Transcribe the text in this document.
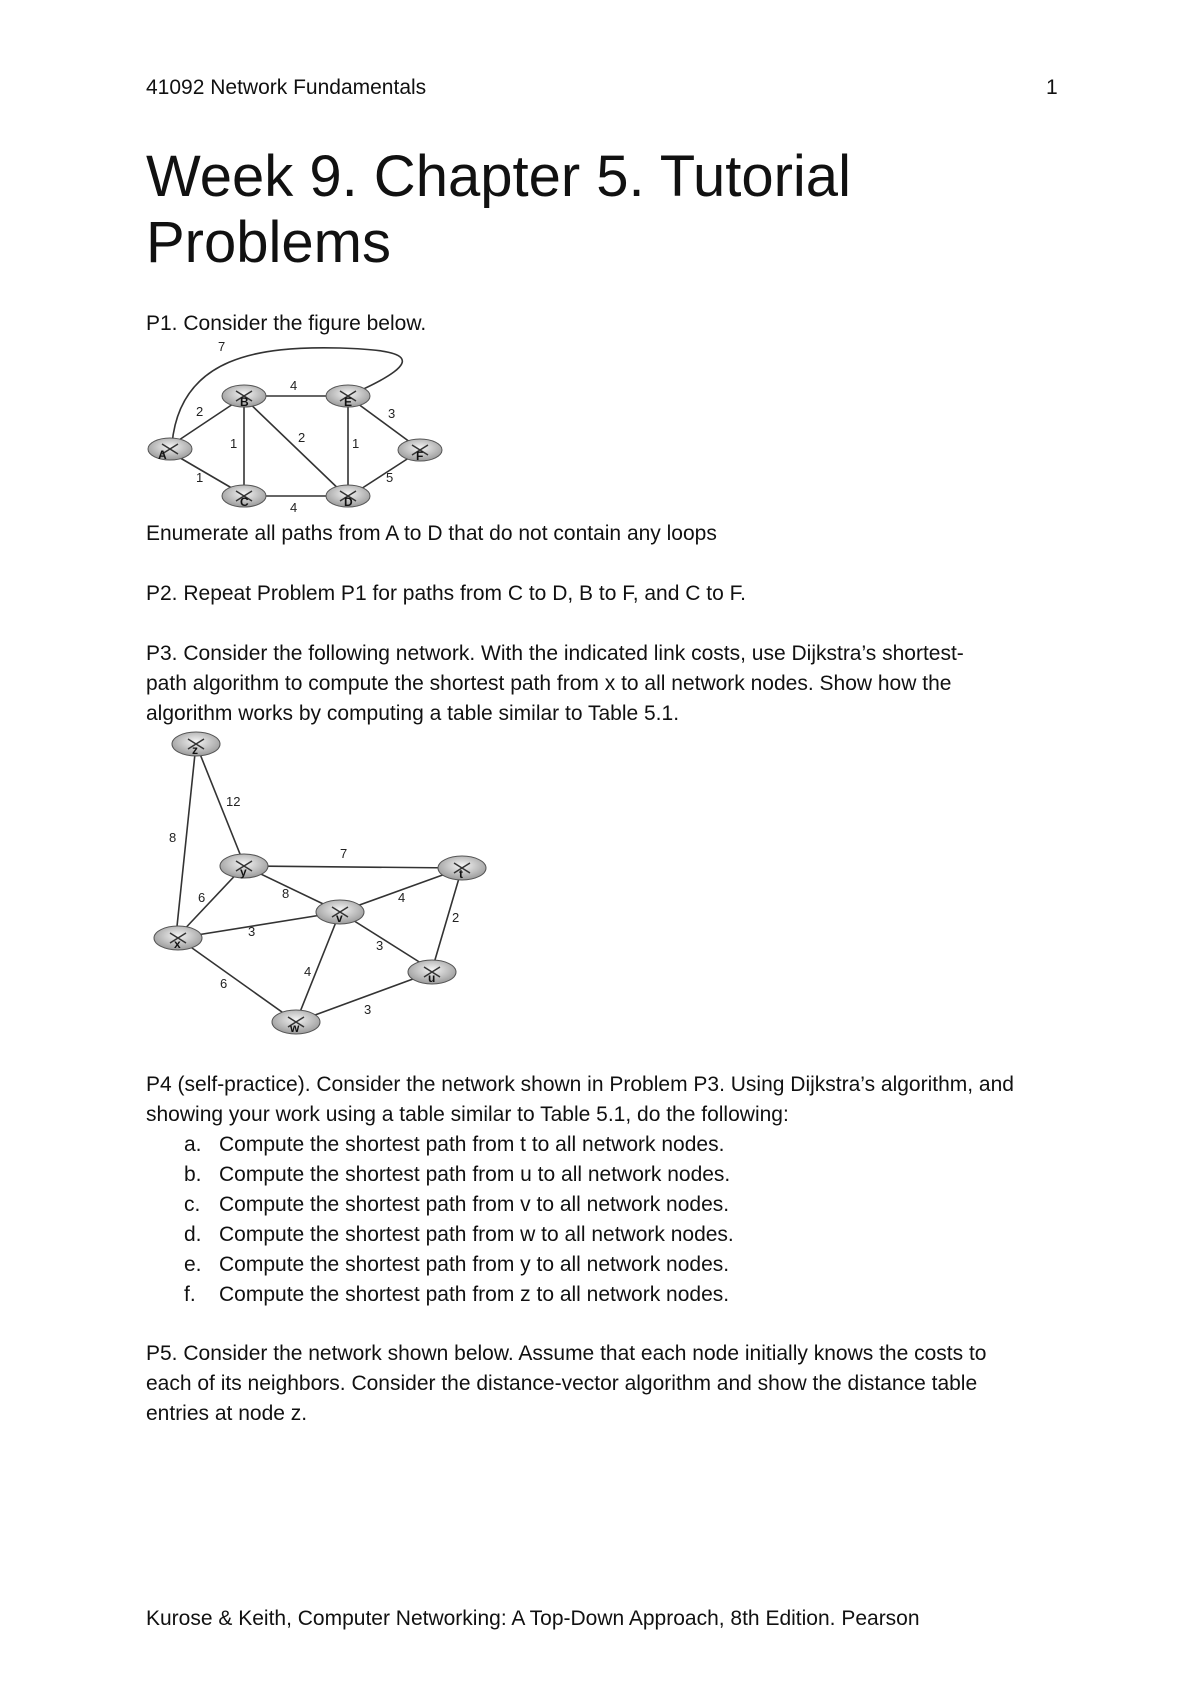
41092 Network Fundamentals	1
Week 9. Chapter 5. Tutorial Problems

P1. Consider the figure below.

7
2
1
4
1	2	1
4
3
5
A
B
C	D
E
F

Enumerate all paths from A to D that do not contain any loops

P2. Repeat Problem P1 for paths from C to D, B to F, and C to F.

P3. Consider the following network. With the indicated link costs, use Dijkstra’s shortest-

path algorithm to compute the shortest path from x to all network nodes. Show how the

algorithm works by computing a table similar to Table 5.1.

12
8
7
6	8	4
2
3
3
6
4
3
z
y	t
x
v
u
w

P4 (self-practice). Consider the network shown in Problem P3. Using Dijkstra’s algorithm, and

showing your work using a table similar to Table 5.1, do the following:

a. Compute the shortest path from t to all network nodes.
b. Compute the shortest path from u to all network nodes.
c. Compute the shortest path from v to all network nodes.
d. Compute the shortest path from w to all network nodes.
e. Compute the shortest path from y to all network nodes.
f. Compute the shortest path from z to all network nodes.

P5. Consider the network shown below. Assume that each node initially knows the costs to

each of its neighbors. Consider the distance-vector algorithm and show the distance table

entries at node z.

Kurose & Keith, Computer Networking: A Top-Down Approach, 8th Edition. Pearson
